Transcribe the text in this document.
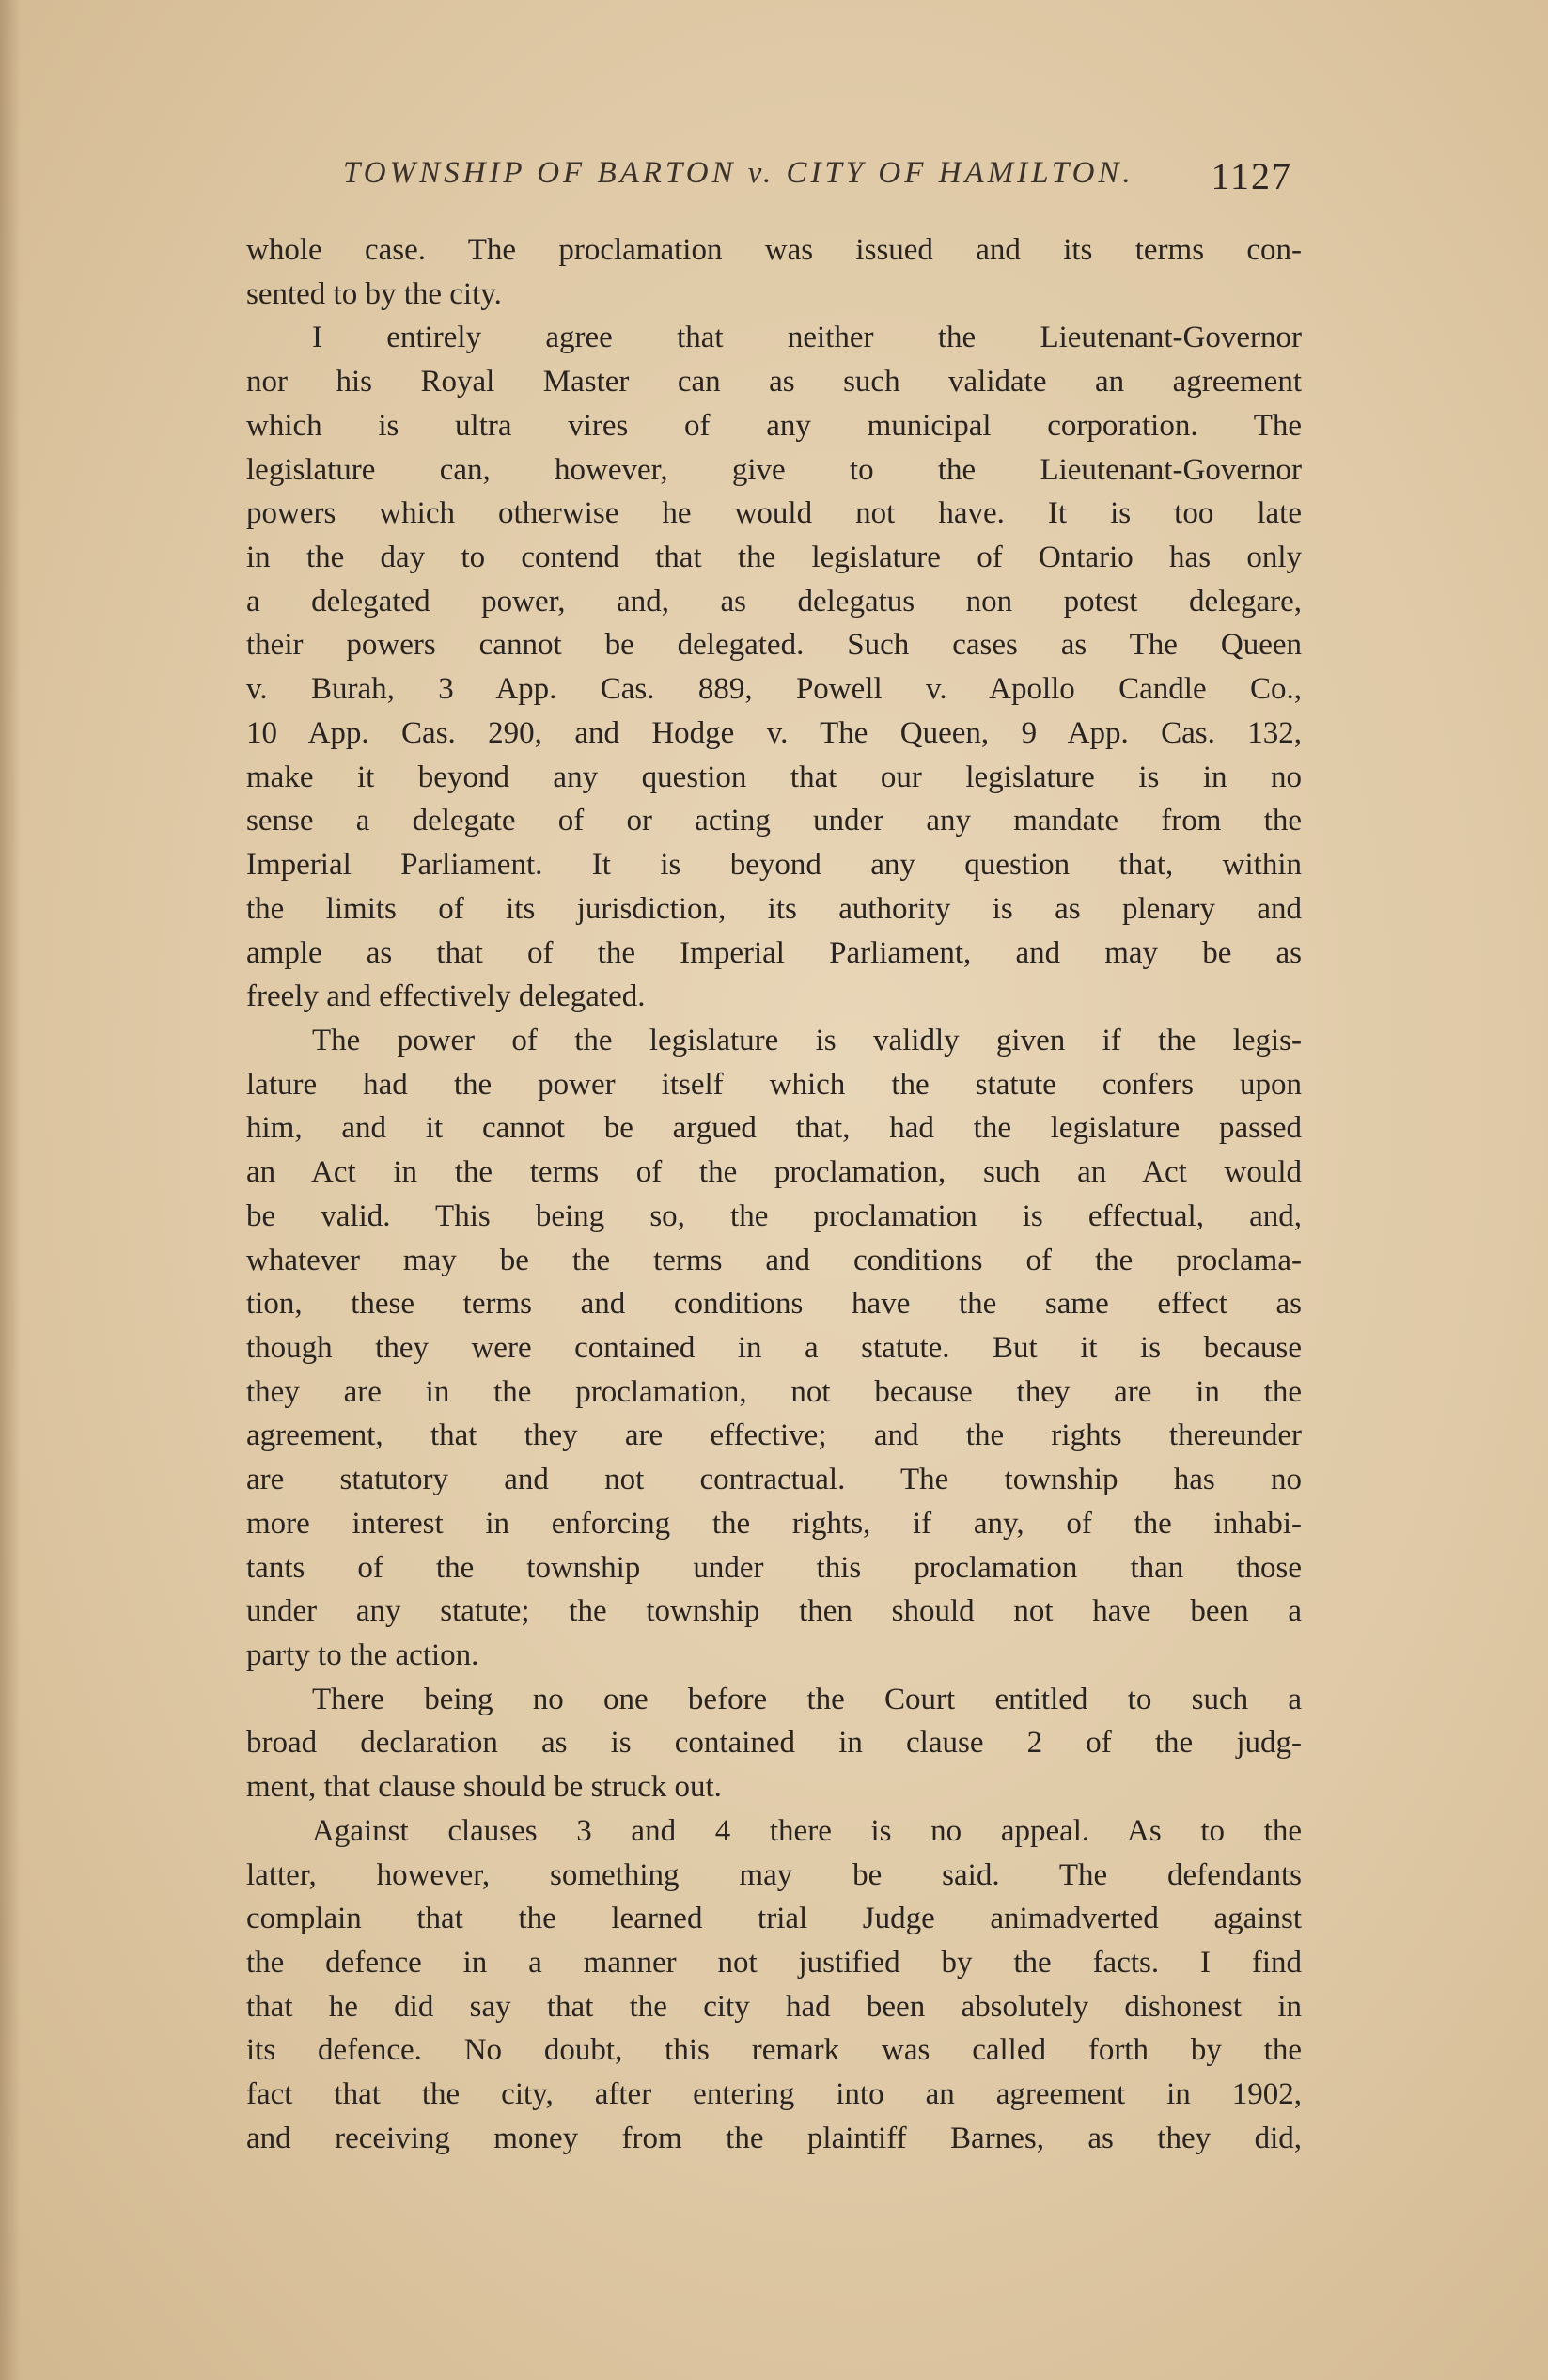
TOWNSHIP OF BARTON v. CITY OF HAMILTON. 1127
whole case. The proclamation was issued and its terms con-
sented to by the city.
I entirely agree that neither the Lieutenant-Governor
nor his Royal Master can as such validate an agreement
which is ultra vires of any municipal corporation. The
legislature can, however, give to the Lieutenant-Governor
powers which otherwise he would not have. It is too late
in the day to contend that the legislature of Ontario has only
a delegated power, and, as delegatus non potest delegare,
their powers cannot be delegated. Such cases as The Queen
v. Burah, 3 App. Cas. 889, Powell v. Apollo Candle Co.,
10 App. Cas. 290, and Hodge v. The Queen, 9 App. Cas. 132,
make it beyond any question that our legislature is in no
sense a delegate of or acting under any mandate from the
Imperial Parliament. It is beyond any question that, within
the limits of its jurisdiction, its authority is as plenary and
ample as that of the Imperial Parliament, and may be as
freely and effectively delegated.
The power of the legislature is validly given if the legis-
lature had the power itself which the statute confers upon
him, and it cannot be argued that, had the legislature passed
an Act in the terms of the proclamation, such an Act would
be valid. This being so, the proclamation is effectual, and,
whatever may be the terms and conditions of the proclama-
tion, these terms and conditions have the same effect as
though they were contained in a statute. But it is because
they are in the proclamation, not because they are in the
agreement, that they are effective; and the rights thereunder
are statutory and not contractual. The township has no
more interest in enforcing the rights, if any, of the inhabi-
tants of the township under this proclamation than those
under any statute; the township then should not have been a
party to the action.
There being no one before the Court entitled to such a
broad declaration as is contained in clause 2 of the judg-
ment, that clause should be struck out.
Against clauses 3 and 4 there is no appeal. As to the
latter, however, something may be said. The defendants
complain that the learned trial Judge animadverted against
the defence in a manner not justified by the facts. I find
that he did say that the city had been absolutely dishonest in
its defence. No doubt, this remark was called forth by the
fact that the city, after entering into an agreement in 1902,
and receiving money from the plaintiff Barnes, as they did,
